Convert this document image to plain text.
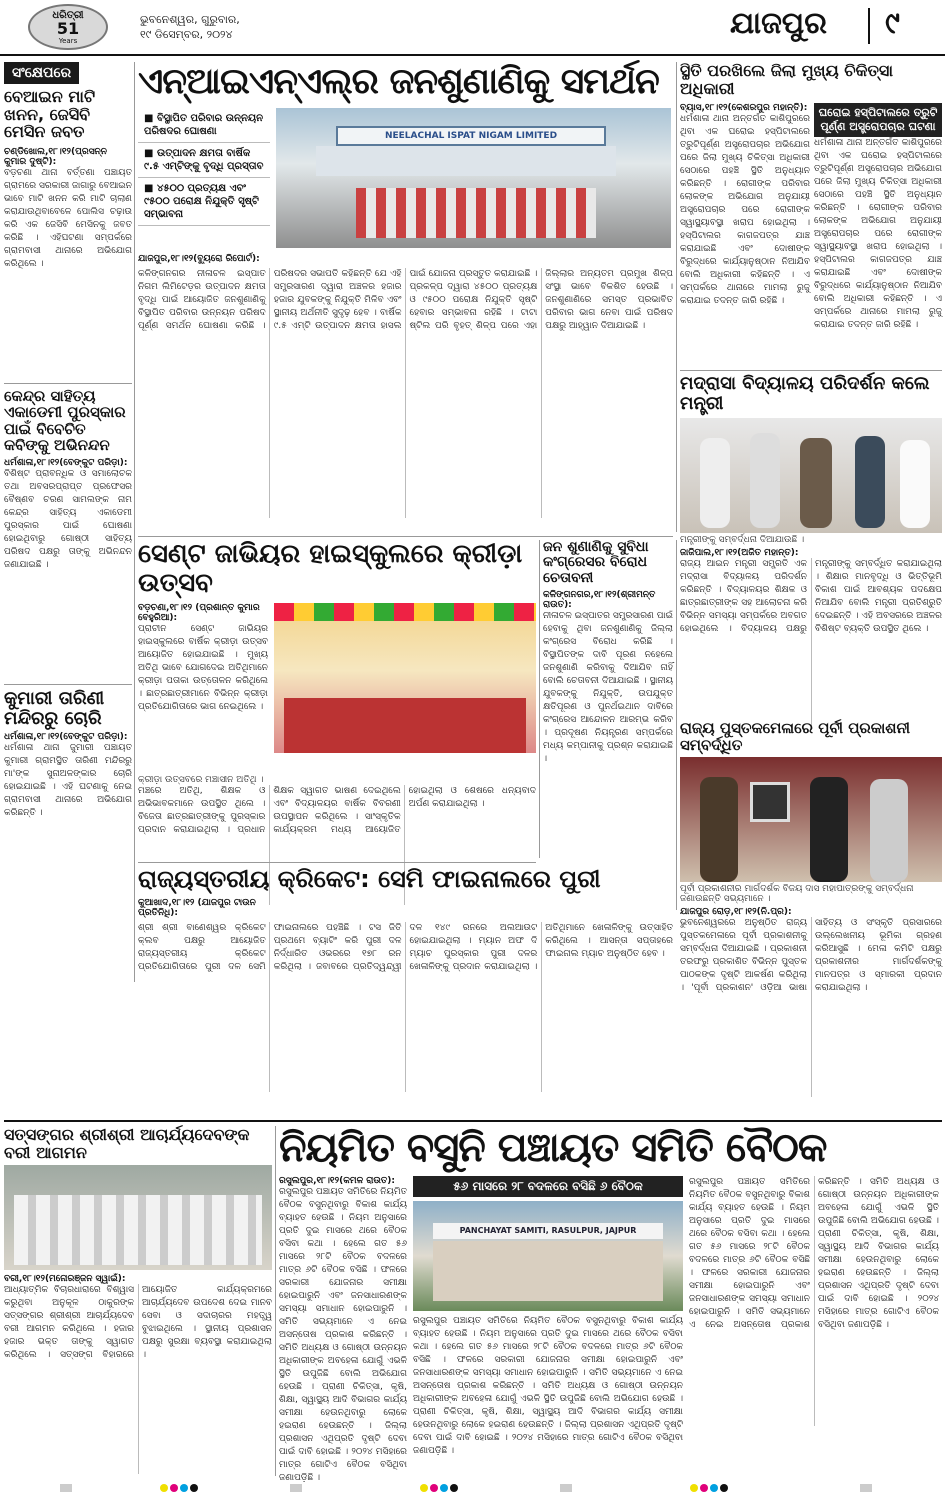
ଧରିତ୍ରୀ
51
Years
ଭୁବନେଶ୍ୱର, ଗୁରୁବାର,
୧୯ ଡିସେମ୍ବର, ୨୦୨୪	ଯାଜପୁର ୯
ସଂକ୍ଷେପରେ
ବେଆଇନ ମାଟି ଖନନ, ଜେସିବି ମେସିନ ଜବତ
ଚଣ୍ଡିଖୋଲ,୧୮।୧୨(ପ୍ରସନ୍ନ କୁମାର ଦୁଷ୍ଟି):
ବଡ଼ଚଣା ଥାନା ବର୍ତ୍ତଣା ପଞ୍ଚାୟତ ଗ୍ରାମରେ ସରକାରୀ ଜାଗାରୁ ବେଆଇନ ଭାବେ ମାଟି ଖନନ କରି ମାଟି ଚାଲାଣ କରାଯାଉଥିବାବେଳେ ପୋଲିସ ଚଢ଼ାଉ କରି ଏକ ଜେସିବି ମେସିନକୁ ଜବତ କରିଛି । ଏହିଘଟଣା ସମ୍ପର୍କରେ ଗ୍ରାମବାସୀ ଥାନାରେ ଅଭିଯୋଗ କରିଥିଲେ ।
କେନ୍ଦ୍ର ସାହିତ୍ୟ ଏକାଡେମୀ ପୁରସ୍କାର ପାଇଁ ବିବେଚିତ କବିଙ୍କୁ ଅଭିନନ୍ଦନ
ଧର୍ମଶାଳା,୧୮।୧୨(ବେଙ୍କୁଟ ପରିଡ଼ା):
ବିଶିଷ୍ଟ ପ୍ରାବନ୍ଧିକ ଓ ସମାଲୋଚକ ତଥା ଅବସରପ୍ରାପ୍ତ ପ୍ରଫେସର ବୈଷ୍ଣବ ଚରଣ ସାମଲଙ୍କ ନାମ କେନ୍ଦ୍ର ସାହିତ୍ୟ ଏକାଡେମୀ ପୁରସ୍କାର ପାଇଁ ଘୋଷଣା ହୋଇଥିବାରୁ ଗୋଷ୍ଠୀ ସାହିତ୍ୟ ପରିଷଦ ପକ୍ଷରୁ ତାଙ୍କୁ ଅଭିନନ୍ଦନ ଜଣାଯାଇଛି ।
କୁମାରୀ ତାରିଣୀ ମନ୍ଦିରରୁ ଚୋରି
ଧର୍ମଶାଳା,୧୮।୧୨(ବେଙ୍କୁଟ ପରିଡ଼ା):
ଧର୍ମଶାଳା ଥାନା ଜୁମାରୀ ପଞ୍ଚାୟତ କୁମାରୀ ଗ୍ରାମସ୍ଥିତ ତାରିଣୀ ମନ୍ଦିରରୁ ମା'ଙ୍କ ସୁନାଅଳଙ୍କାର ଚୋରି ହୋଇଯାଇଛି । ଏହି ଘଟଣାକୁ ନେଇ ଗ୍ରାମବାସୀ ଥାନାରେ ଅଭିଯୋଗ କରିଛନ୍ତି ।
ଏନ୍‌ଆଇଏନ୍‌ଏଲ୍‌ର ଜନଶୁଣାଣିକୁ ସମର୍ଥନ
■ ବିସ୍ଥାପିତ ପରିବାର ଉନ୍ନୟନ ପରିଷଦର ଘୋଷଣା
■ ଉତ୍ପାଦନ କ୍ଷମତା ବାର୍ଷିକ ୯.୫ ଏମ୍‌ଟିଙ୍କୁ ବୃଦ୍ଧି ପ୍ରସ୍ତାବ
■ ୪୫୦୦ ପ୍ରତ୍ୟକ୍ଷ ଏବଂ ୯୫୦୦ ପରୋକ୍ଷ ନିଯୁକ୍ତି ସୃଷ୍ଟି ସମ୍ଭାବନା
NEELACHAL ISPAT NIGAM LIMITED
ଯାଜପୁର,୧୮।୧୨(ବ୍ୟୁରୋ ରିପୋର୍ଟ):
କଳିଙ୍ଗନଗର ନୀଳାଚଳ ଇସ୍ପାତ ନିଗମ ଲିମିଟେଡ଼ର ଉତ୍ପାଦନ କ୍ଷମତା ବୃଦ୍ଧି ପାଇଁ ଆୟୋଜିତ ଜନଶୁଣାଣିକୁ ବିସ୍ଥାପିତ ପରିବାର ଉନ୍ନୟନ ପରିଷଦ ପୂର୍ଣ୍ଣ ସମର୍ଥନ ଘୋଷଣା କରିଛି । ପରିଷଦର ସଭାପତି କହିଛନ୍ତି ଯେ ଏହି ସମ୍ପ୍ରସାରଣ ଦ୍ୱାରା ଅଞ୍ଚଳର ହଜାର ହଜାର ଯୁବକଙ୍କୁ ନିଯୁକ୍ତି ମିଳିବ ଏବଂ ସ୍ଥାନୀୟ ଅର୍ଥନୀତି ସୁଦୃଢ଼ ହେବ । ବାର୍ଷିକ ୯.୫ ଏମ୍‌ଟି ଉତ୍ପାଦନ କ୍ଷମତା ହାସଲ ପାଇଁ ଯୋଜନା ପ୍ରସ୍ତୁତ କରାଯାଇଛି । ପ୍ରକଳ୍ପ ଦ୍ୱାରା ୪୫୦୦ ପ୍ରତ୍ୟକ୍ଷ ଓ ୯୫୦୦ ପରୋକ୍ଷ ନିଯୁକ୍ତି ସୃଷ୍ଟି ହେବାର ସମ୍ଭାବନା ରହିଛି । ଟାଟା ଷ୍ଟିଲ ପରି ବୃହତ୍ ଶିଳ୍ପ ପରେ ଏହା ଜିଲ୍ଲାର ଅନ୍ୟତମ ପ୍ରମୁଖ ଶିଳ୍ପ ସଂସ୍ଥା ଭାବେ ବିକଶିତ ହେଉଛି । ଜନଶୁଣାଣିରେ ସମସ୍ତ ପ୍ରଭାବିତ ପରିବାର ଭାଗ ନେବା ପାଇଁ ପରିଷଦ ପକ୍ଷରୁ ଆହ୍ୱାନ ଦିଆଯାଇଛି ।
ସ୍ଥିତି ପରଖିଲେ ଜିଲା ମୁଖ୍ୟ ଚିକିତ୍ସା ଅଧିକାରୀ
ବ୍ୟାସ,୧୮।୧୨(କେଶରପୁର ମହାନ୍ତି):
ଧର୍ମଶାଳା ଥାନା ଅନ୍ତର୍ଗତ କାଶିପୁରରେ ଥିବା ଏକ ଘରୋଇ ହସ୍ପିଟାଲରେ ତ୍ରୁଟିପୂର୍ଣ୍ଣ ଅସ୍ତ୍ରୋପଚାର ଅଭିଯୋଗ ପରେ ଜିଲା ମୁଖ୍ୟ ଚିକିତ୍ସା ଅଧିକାରୀ ସେଠାରେ ପହଞ୍ଚି ସ୍ଥିତି ଅନୁଧ୍ୟାନ କରିଛନ୍ତି । ରୋଗୀଙ୍କ ପରିବାର ଲୋକଙ୍କ ଅଭିଯୋଗ ଅନୁଯାୟୀ ଅସ୍ତ୍ରୋପଚାର ପରେ ରୋଗୀଙ୍କ ସ୍ୱାସ୍ଥ୍ୟାବସ୍ଥା ଖରାପ ହୋଇଥିଲା । ହସ୍ପିଟାଲର କାଗଜପତ୍ର ଯାଞ୍ଚ କରାଯାଇଛି ଏବଂ ଦୋଷୀଙ୍କ ବିରୁଦ୍ଧରେ କାର୍ଯ୍ୟାନୁଷ୍ଠାନ ନିଆଯିବ ବୋଲି ଅଧିକାରୀ କହିଛନ୍ତି । ଏ ସମ୍ପର୍କରେ ଥାନାରେ ମାମଲା ରୁଜୁ କରାଯାଇ ତଦନ୍ତ ଜାରି ରହିଛି ।
ଘରୋଇ ହସ୍ପିଟାଲରେ ତ୍ରୁଟି ପୂର୍ଣ୍ଣ ଅସ୍ତ୍ରୋପଚାର ଘଟଣା
ଧର୍ମଶାଳା ଥାନା ଅନ୍ତର୍ଗତ କାଶିପୁରରେ ଥିବା ଏକ ଘରୋଇ ହସ୍ପିଟାଲରେ ତ୍ରୁଟିପୂର୍ଣ୍ଣ ଅସ୍ତ୍ରୋପଚାର ଅଭିଯୋଗ ପରେ ଜିଲା ମୁଖ୍ୟ ଚିକିତ୍ସା ଅଧିକାରୀ ସେଠାରେ ପହଞ୍ଚି ସ୍ଥିତି ଅନୁଧ୍ୟାନ କରିଛନ୍ତି । ରୋଗୀଙ୍କ ପରିବାର ଲୋକଙ୍କ ଅଭିଯୋଗ ଅନୁଯାୟୀ ଅସ୍ତ୍ରୋପଚାର ପରେ ରୋଗୀଙ୍କ ସ୍ୱାସ୍ଥ୍ୟାବସ୍ଥା ଖରାପ ହୋଇଥିଲା । ହସ୍ପିଟାଲର କାଗଜପତ୍ର ଯାଞ୍ଚ କରାଯାଇଛି ଏବଂ ଦୋଷୀଙ୍କ ବିରୁଦ୍ଧରେ କାର୍ଯ୍ୟାନୁଷ୍ଠାନ ନିଆଯିବ ବୋଲି ଅଧିକାରୀ କହିଛନ୍ତି । ଏ ସମ୍ପର୍କରେ ଥାନାରେ ମାମଲା ରୁଜୁ କରାଯାଇ ତଦନ୍ତ ଜାରି ରହିଛି ।
ମଦ୍ରାସା ବିଦ୍ୟାଳୟ ପରିଦର୍ଶନ କଲେ ମନ୍ତ୍ରୀ
ମନ୍ତ୍ରୀଙ୍କୁ ସମ୍ବର୍ଦ୍ଧନା ଦିଆଯାଉଛି ।
ଜାଜିପାଲ,୧୮।୧୨(ଅଜିତ ମହାନ୍ତ):
ରାଜ୍ୟ ଆଇନ ମନ୍ତ୍ରୀ ସମ୍ପ୍ରତି ଏକ ମଦ୍ରାସା ବିଦ୍ୟାଳୟ ପରିଦର୍ଶନ କରିଛନ୍ତି । ବିଦ୍ୟାଳୟର ଶିକ୍ଷକ ଓ ଛାତ୍ରଛାତ୍ରୀଙ୍କ ସହ ଆଲୋଚନା କରି ବିଭିନ୍ନ ସମସ୍ୟା ସମ୍ପର୍କରେ ଅବଗତ ହୋଇଥିଲେ । ବିଦ୍ୟାଳୟ ପକ୍ଷରୁ ମନ୍ତ୍ରୀଙ୍କୁ ସମ୍ବର୍ଦ୍ଧିତ କରାଯାଇଥିଲା । ଶିକ୍ଷାର ମାନବୃଦ୍ଧି ଓ ଭିତ୍ତିଭୂମି ବିକାଶ ପାଇଁ ଆବଶ୍ୟକ ପଦକ୍ଷେପ ନିଆଯିବ ବୋଲି ମନ୍ତ୍ରୀ ପ୍ରତିଶ୍ରୁତି ଦେଇଛନ୍ତି । ଏହି ଅବସରରେ ଅଞ୍ଚଳର ବିଶିଷ୍ଟ ବ୍ୟକ୍ତି ଉପସ୍ଥିତ ଥିଲେ ।
ସେଣ୍ଟ ଜାଭିୟର ହାଇସ୍କୁଲରେ କ୍ରୀଡ଼ା ଉତ୍ସବ
ବଡ଼ଚଣା,୧୮।୧୨ (ପ୍ରଶାନ୍ତ କୁମାର ବେହୁରିଆ):
ପ୍ରାଚୀନ ସେଣ୍ଟ ଜାଭିୟର ହାଇସ୍କୁଲରେ ବାର୍ଷିକ କ୍ରୀଡ଼ା ଉତ୍ସବ ଆୟୋଜିତ ହୋଇଯାଇଛି । ମୁଖ୍ୟ ଅତିଥି ଭାବେ ଯୋଗଦେଇ ଅତିଥିମାନେ କ୍ରୀଡ଼ା ପତାକା ଉତ୍ତୋଳନ କରିଥିଲେ । ଛାତ୍ରଛାତ୍ରୀମାନେ ବିଭିନ୍ନ କ୍ରୀଡ଼ା ପ୍ରତିଯୋଗିତାରେ ଭାଗ ନେଇଥିଲେ ।
କ୍ରୀଡ଼ା ଉତ୍ସବରେ ମଞ୍ଚାସୀନ ଅତିଥି ।
ମଞ୍ଚରେ ଅତିଥି, ଶିକ୍ଷକ ଓ ଅଭିଭାବକମାନେ ଉପସ୍ଥିତ ଥିଲେ । ବିଜେତା ଛାତ୍ରଛାତ୍ରୀଙ୍କୁ ପୁରସ୍କାର ପ୍ରଦାନ କରାଯାଇଥିଲା । ପ୍ରଧାନ ଶିକ୍ଷକ ସ୍ୱାଗତ ଭାଷଣ ଦେଇଥିଲେ ଏବଂ ବିଦ୍ୟାଳୟର ବାର୍ଷିକ ବିବରଣୀ ଉପସ୍ଥାପନ କରିଥିଲେ । ସାଂସ୍କୃତିକ କାର୍ଯ୍ୟକ୍ରମ ମଧ୍ୟ ଆୟୋଜିତ ହୋଇଥିଲା ଓ ଶେଷରେ ଧନ୍ୟବାଦ ଅର୍ପଣ କରାଯାଇଥିଲା ।
ଜନ ଶୁଣାଣିକୁ ସୁବିଧା କଂଗ୍ରେସର ବିରୋଧ ଚେତାବନୀ
କଳିଙ୍ଗନଗର,୧୮।୧୨(ଶ୍ରୀମନ୍ତ ରାଉତ):
ନୀଳାଚଳ ଇସ୍ପାତର ସମ୍ପ୍ରସାରଣ ପାଇଁ ହେବାକୁ ଥିବା ଜନଶୁଣାଣିକୁ ଜିଲ୍ଲା କଂଗ୍ରେସ ବିରୋଧ କରିଛି । ବିସ୍ଥାପିତଙ୍କ ଦାବି ପୂରଣ ନହେଲେ ଜନଶୁଣାଣି କରିବାକୁ ଦିଆଯିବ ନାହିଁ ବୋଲି ଚେତାବନୀ ଦିଆଯାଇଛି । ସ୍ଥାନୀୟ ଯୁବକଙ୍କୁ ନିଯୁକ୍ତି, ଉପଯୁକ୍ତ କ୍ଷତିପୂରଣ ଓ ପୁନର୍ଥଇଥାନ ଦାବିରେ କଂଗ୍ରେସ ଆନ୍ଦୋଳନ ଆରମ୍ଭ କରିବ । ପ୍ରଦୂଷଣ ନିୟନ୍ତ୍ରଣ ସମ୍ପର୍କରେ ମଧ୍ୟ କମ୍ପାନୀକୁ ପ୍ରଶ୍ନ କରାଯାଇଛି ।
ରାଜ୍ୟ ପୁସ୍ତକମେଳାରେ ପୂର୍ବୀ ପ୍ରକାଶନୀ ସମ୍ବର୍ଦ୍ଧିତ
ପୂର୍ବୀ ପ୍ରକାଶନୀର ମାର୍ଗଦର୍ଶକ ବିଜୟ ଦାସ ମହାପାତ୍ରଙ୍କୁ ସମ୍ବର୍ଦ୍ଧନା ଜଣାଉଛନ୍ତି ସଭ୍ୟମାନେ ।
ଯାଜପୁର ରୋଡ଼,୧୮।୧୨(ନି.ପ୍ର):
ଭୁବନେଶ୍ୱରରେ ଅନୁଷ୍ଠିତ ରାଜ୍ୟ ପୁସ୍ତକମେଳାରେ ପୂର୍ବୀ ପ୍ରକାଶନୀକୁ ସମ୍ବର୍ଦ୍ଧନା ଦିଆଯାଇଛି । ପ୍ରକାଶନୀ ତରଫରୁ ପ୍ରକାଶିତ ବିଭିନ୍ନ ପୁସ୍ତକ ପାଠକଙ୍କ ଦୃଷ୍ଟି ଆକର୍ଷଣ କରିଥିଲା । 'ପୂର୍ବୀ ପ୍ରକାଶନ' ଓଡ଼ିଆ ଭାଷା ସାହିତ୍ୟ ଓ ସଂସ୍କୃତି ପ୍ରସାରରେ ଉଲ୍ଲେଖନୀୟ ଭୂମିକା ଗ୍ରହଣ କରିଆସୁଛି । ମେଳା କମିଟି ପକ୍ଷରୁ ପ୍ରକାଶନୀର ମାର୍ଗଦର୍ଶକଙ୍କୁ ମାନପତ୍ର ଓ ସ୍ମାରକୀ ପ୍ରଦାନ କରାଯାଇଥିଲା ।
ରାଜ୍ୟସ୍ତରୀୟ କ୍ରିକେଟ: ସେମି ଫାଇନାଲରେ ପୁରୀ
କୁଆଖାଦ,୧୮।୧୨ (ଯାଜପୁର ଟାଉନ ପ୍ରତିନିଧି):
ଶ୍ରୀ ଶ୍ରୀ ବାଣେଶ୍ୱର କ୍ରିକେଟ କ୍ଲବ ପକ୍ଷରୁ ଆୟୋଜିତ ରାଜ୍ୟସ୍ତରୀୟ କ୍ରିକେଟ ପ୍ରତିଯୋଗିତାରେ ପୁରୀ ଦଳ ସେମି ଫାଇନାଲରେ ପହଞ୍ଚିଛି । ଟସ ଜିତି ପ୍ରଥମେ ବ୍ୟାଟିଂ କରି ପୁରୀ ଦଳ ନିର୍ଦ୍ଧାରିତ ଓଭରରେ ୧୭୮ ରନ କରିଥିଲା । ଜବାବରେ ପ୍ରତିଦ୍ୱନ୍ଦ୍ୱୀ ଦଳ ୧୪୯ ରନରେ ଅଲଆଉଟ ହୋଇଯାଇଥିଲା । ମ୍ୟାନ ଅଫ ଦି ମ୍ୟାଚ ପୁରସ୍କାର ପୁରୀ ଦଳର ଖେଳାଳିଙ୍କୁ ପ୍ରଦାନ କରାଯାଇଥିଲା । ଅତିଥିମାନେ ଖେଳାଳିଙ୍କୁ ଉତ୍ସାହିତ କରିଥିଲେ । ଆସନ୍ତା ସପ୍ତାହରେ ଫାଇନାଲ ମ୍ୟାଚ ଅନୁଷ୍ଠିତ ହେବ ।
ସତ୍‌ସଙ୍ଗର ଶ୍ରୀଶ୍ରୀ ଆଚାର୍ଯ୍ୟଦେବଙ୍କ ବରୀ ଆଗମନ
ବରୀ,୧୮।୧୨(ମନୋରଞ୍ଜନ ସ୍ୱାଇଁ):
ଆଧ୍ୟାତ୍ମିକ ବିଚାରଧାରାରେ ବିଶ୍ୱାସ କରୁଥିବା ଅନୁକୂଳ ଠାକୁରଙ୍କ ସତ୍‌ସଙ୍ଗର ଶ୍ରୀଶ୍ରୀ ଆଚାର୍ଯ୍ୟଦେବ ବରୀ ଆଗମନ କରିଥିଲେ । ହଜାର ହଜାର ଭକ୍ତ ତାଙ୍କୁ ସ୍ୱାଗତ କରିଥିଲେ । ସତ୍‌ସଙ୍ଗ ବିହାରରେ ଆୟୋଜିତ କାର୍ଯ୍ୟକ୍ରମରେ ଆଚାର୍ଯ୍ୟଦେବ ଉପଦେଶ ଦେଇ ମାନବ ସେବା ଓ ସଦାଚାରର ମହତ୍ତ୍ୱ ବୁଝାଇଥିଲେ । ସ୍ଥାନୀୟ ପ୍ରଶାସନ ପକ୍ଷରୁ ସୁରକ୍ଷା ବ୍ୟବସ୍ଥା କରାଯାଇଥିଲା ।
ନିୟମିତ ବସୁନି ପଞ୍ଚାୟତ ସମିତି ବୈଠକ
ରସୁଲପୁର,୧୮।୧୨(କମଳ ରାଉତ):
ରସୁଲପୁର ପଞ୍ଚାୟତ ସମିତିରେ ନିୟମିତ ବୈଠକ ବସୁନଥିବାରୁ ବିକାଶ କାର୍ଯ୍ୟ ବ୍ୟାହତ ହେଉଛି । ନିୟମ ଅନୁସାରେ ପ୍ରତି ଦୁଇ ମାସରେ ଥରେ ବୈଠକ ବସିବା କଥା । ହେଲେ ଗତ ୫୬ ମାସରେ ୨୮ଟି ବୈଠକ ବଦଳରେ ମାତ୍ର ୬ଟି ବୈଠକ ବସିଛି । ଫଳରେ ସରକାରୀ ଯୋଜନାର ସମୀକ୍ଷା ହୋଇପାରୁନି ଏବଂ ଜନସାଧାରଣଙ୍କ ସମସ୍ୟା ସମାଧାନ ହୋଇପାରୁନି । ସମିତି ସଭ୍ୟମାନେ ଏ ନେଇ ଅସନ୍ତୋଷ ପ୍ରକାଶ କରିଛନ୍ତି । ସମିତି ଅଧ୍ୟକ୍ଷ ଓ ଗୋଷ୍ଠୀ ଉନ୍ନୟନ ଅଧିକାରୀଙ୍କ ଅବହେଳା ଯୋଗୁଁ ଏଭଳି ସ୍ଥିତି ଉପୁଜିଛି ବୋଲି ଅଭିଯୋଗ ହେଉଛି । ପ୍ରାଣୀ ଚିକିତ୍ସା, କୃଷି, ଶିକ୍ଷା, ସ୍ୱାସ୍ଥ୍ୟ ଆଦି ବିଭାଗର କାର୍ଯ୍ୟ ସମୀକ୍ଷା ହେଉନଥିବାରୁ ଲୋକେ ହଇରାଣ ହେଉଛନ୍ତି । ଜିଲ୍ଲା ପ୍ରଶାସନ ଏଥିପ୍ରତି ଦୃଷ୍ଟି ଦେବା ପାଇଁ ଦାବି ହୋଇଛି । ୨୦୨୪ ମସିହାରେ ମାତ୍ର ଗୋଟିଏ ବୈଠକ ବସିଥିବା ଜଣାପଡ଼ିଛି ।
୫୬ ମାସରେ ୨୮ ବଦଳରେ ବସିଛି ୬ ବୈଠକ
PANCHAYAT SAMITI, RASULPUR, JAJPUR
ରସୁଲପୁର ପଞ୍ଚାୟତ ସମିତିରେ ନିୟମିତ ବୈଠକ ବସୁନଥିବାରୁ ବିକାଶ କାର୍ଯ୍ୟ ବ୍ୟାହତ ହେଉଛି । ନିୟମ ଅନୁସାରେ ପ୍ରତି ଦୁଇ ମାସରେ ଥରେ ବୈଠକ ବସିବା କଥା । ହେଲେ ଗତ ୫୬ ମାସରେ ୨୮ଟି ବୈଠକ ବଦଳରେ ମାତ୍ର ୬ଟି ବୈଠକ ବସିଛି । ଫଳରେ ସରକାରୀ ଯୋଜନାର ସମୀକ୍ଷା ହୋଇପାରୁନି ଏବଂ ଜନସାଧାରଣଙ୍କ ସମସ୍ୟା ସମାଧାନ ହୋଇପାରୁନି । ସମିତି ସଭ୍ୟମାନେ ଏ ନେଇ ଅସନ୍ତୋଷ ପ୍ରକାଶ କରିଛନ୍ତି । ସମିତି ଅଧ୍ୟକ୍ଷ ଓ ଗୋଷ୍ଠୀ ଉନ୍ନୟନ ଅଧିକାରୀଙ୍କ ଅବହେଳା ଯୋଗୁଁ ଏଭଳି ସ୍ଥିତି ଉପୁଜିଛି ବୋଲି ଅଭିଯୋଗ ହେଉଛି । ପ୍ରାଣୀ ଚିକିତ୍ସା, କୃଷି, ଶିକ୍ଷା, ସ୍ୱାସ୍ଥ୍ୟ ଆଦି ବିଭାଗର କାର୍ଯ୍ୟ ସମୀକ୍ଷା ହେଉନଥିବାରୁ ଲୋକେ ହଇରାଣ ହେଉଛନ୍ତି । ଜିଲ୍ଲା ପ୍ରଶାସନ ଏଥିପ୍ରତି ଦୃଷ୍ଟି ଦେବା ପାଇଁ ଦାବି ହୋଇଛି । ୨୦୨୪ ମସିହାରେ ମାତ୍ର ଗୋଟିଏ ବୈଠକ ବସିଥିବା ଜଣାପଡ଼ିଛି ।
ରସୁଲପୁର ପଞ୍ଚାୟତ ସମିତିରେ ନିୟମିତ ବୈଠକ ବସୁନଥିବାରୁ ବିକାଶ କାର୍ଯ୍ୟ ବ୍ୟାହତ ହେଉଛି । ନିୟମ ଅନୁସାରେ ପ୍ରତି ଦୁଇ ମାସରେ ଥରେ ବୈଠକ ବସିବା କଥା । ହେଲେ ଗତ ୫୬ ମାସରେ ୨୮ଟି ବୈଠକ ବଦଳରେ ମାତ୍ର ୬ଟି ବୈଠକ ବସିଛି । ଫଳରେ ସରକାରୀ ଯୋଜନାର ସମୀକ୍ଷା ହୋଇପାରୁନି ଏବଂ ଜନସାଧାରଣଙ୍କ ସମସ୍ୟା ସମାଧାନ ହୋଇପାରୁନି । ସମିତି ସଭ୍ୟମାନେ ଏ ନେଇ ଅସନ୍ତୋଷ ପ୍ରକାଶ କରିଛନ୍ତି । ସମିତି ଅଧ୍ୟକ୍ଷ ଓ ଗୋଷ୍ଠୀ ଉନ୍ନୟନ ଅଧିକାରୀଙ୍କ ଅବହେଳା ଯୋଗୁଁ ଏଭଳି ସ୍ଥିତି ଉପୁଜିଛି ବୋଲି ଅଭିଯୋଗ ହେଉଛି । ପ୍ରାଣୀ ଚିକିତ୍ସା, କୃଷି, ଶିକ୍ଷା, ସ୍ୱାସ୍ଥ୍ୟ ଆଦି ବିଭାଗର କାର୍ଯ୍ୟ ସମୀକ୍ଷା ହେଉନଥିବାରୁ ଲୋକେ ହଇରାଣ ହେଉଛନ୍ତି । ଜିଲ୍ଲା ପ୍ରଶାସନ ଏଥିପ୍ରତି ଦୃଷ୍ଟି ଦେବା ପାଇଁ ଦାବି ହୋଇଛି । ୨୦୨୪ ମସିହାରେ ମାତ୍ର ଗୋଟିଏ ବୈଠକ ବସିଥିବା ଜଣାପଡ଼ିଛି ।
